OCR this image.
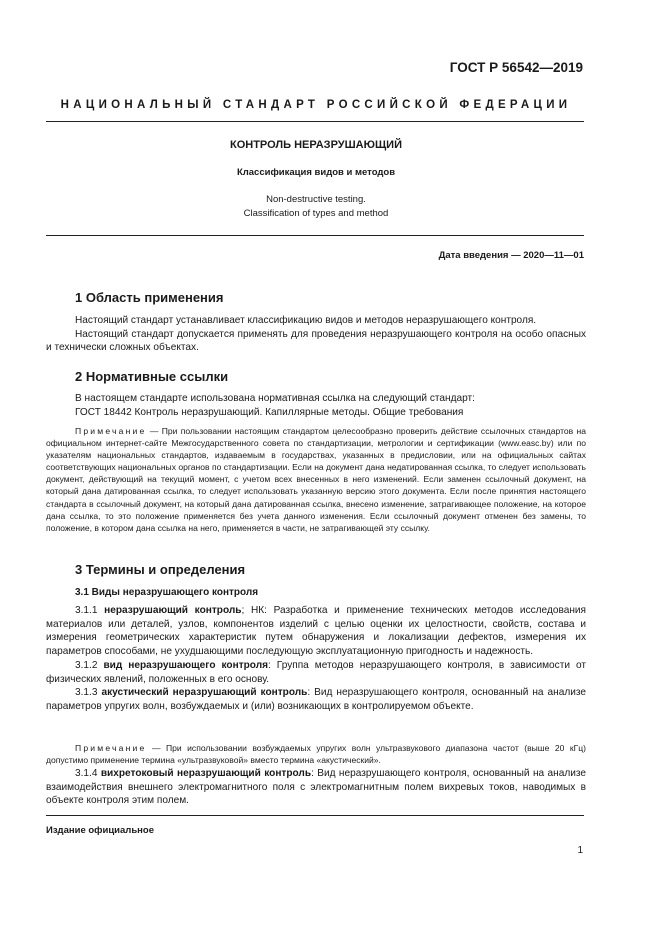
ГОСТ Р 56542—2019
НАЦИОНАЛЬНЫЙ СТАНДАРТ РОССИЙСКОЙ ФЕДЕРАЦИИ
КОНТРОЛЬ НЕРАЗРУШАЮЩИЙ
Классификация видов и методов
Non-destructive testing.
Classification of types and method
Дата введения — 2020—11—01
1 Область применения

Настоящий стандарт устанавливает классификацию видов и методов неразрушающего контроля.

Настоящий стандарт допускается применять для проведения неразрушающего контроля на особо опасных и технически сложных объектах.

2 Нормативные ссылки

В настоящем стандарте использована нормативная ссылка на следующий стандарт:

ГОСТ 18442 Контроль неразрушающий. Капиллярные методы. Общие требования

Примечание — При пользовании настоящим стандартом целесообразно проверить действие ссылочных стандартов на официальном интернет-сайте Межгосударственного совета по стандартизации, метрологии и сертификации (www.easc.by) или по указателям национальных стандартов, издаваемым в государствах, указанных в предисловии, или на официальных сайтах соответствующих национальных органов по стандартизации. Если на документ дана недатированная ссылка, то следует использовать документ, действующий на текущий момент, с учетом всех внесенных в него изменений. Если заменен ссылочный документ, на который дана датированная ссылка, то следует использовать указанную версию этого документа. Если после принятия настоящего стандарта в ссылочный документ, на который дана датированная ссылка, внесено изменение, затрагивающее положение, на которое дана ссылка, то это положение применяется без учета данного изменения. Если ссылочный документ отменен без замены, то положение, в котором дана ссылка на него, применяется в части, не затрагивающей эту ссылку.

3 Термины и определения
3.1 Виды неразрушающего контроля

3.1.1 неразрушающий контроль; НК: Разработка и применение технических методов исследования материалов или деталей, узлов, компонентов изделий с целью оценки их целостности, свойств, состава и измерения геометрических характеристик путем обнаружения и локализации дефектов, измерения их параметров способами, не ухудшающими последующую эксплуатационную пригодность и надежность.

3.1.2 вид неразрушающего контроля: Группа методов неразрушающего контроля, в зависимости от физических явлений, положенных в его основу.

3.1.3 акустический неразрушающий контроль: Вид неразрушающего контроля, основанный на анализе параметров упругих волн, возбуждаемых и (или) возникающих в контролируемом объекте.

Примечание — При использовании возбуждаемых упругих волн ультразвукового диапазона частот (выше 20 кГц) допустимо применение термина «ультразвуковой» вместо термина «акустический».

3.1.4 вихретоковый неразрушающий контроль: Вид неразрушающего контроля, основанный на анализе взаимодействия внешнего электромагнитного поля с электромагнитным полем вихревых токов, наводимых в объекте контроля этим полем.

Издание официальное
1
